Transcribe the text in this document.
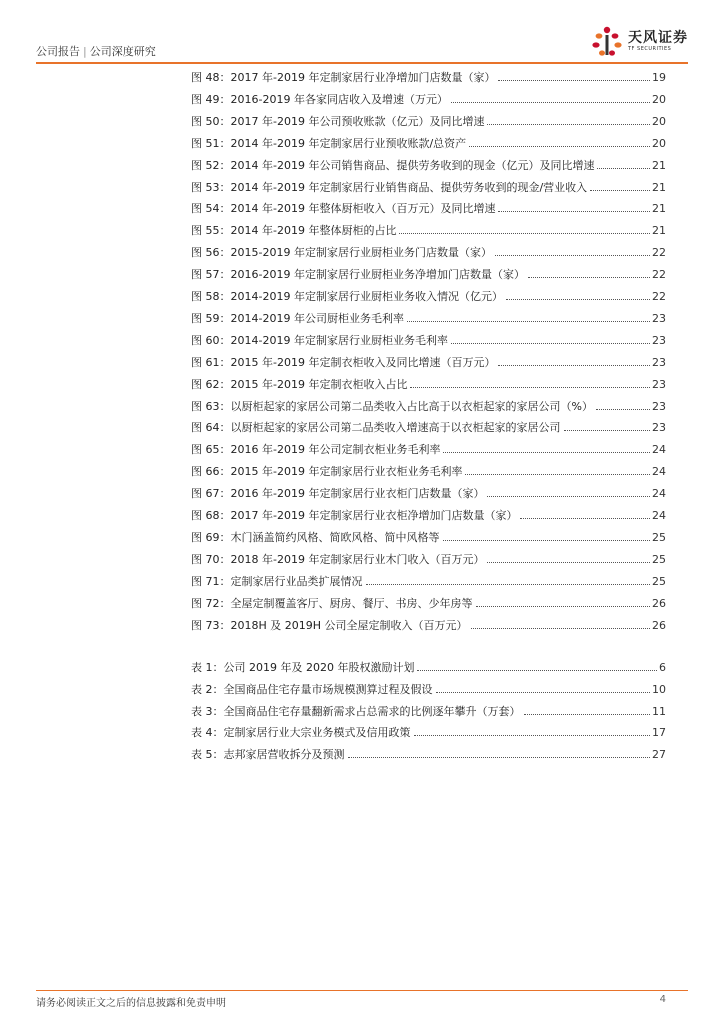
公司报告 | 公司深度研究
天风证券
TF SECURITIES
图 48：2017 年-2019 年定制家居行业净增加门店数量（家）	19
图 49：2016-2019 年各家同店收入及增速（万元）	20
图 50：2017 年-2019 年公司预收账款（亿元）及同比增速	20
图 51：2014 年-2019 年定制家居行业预收账款/总资产	20
图 52：2014 年-2019 年公司销售商品、提供劳务收到的现金（亿元）及同比增速	21
图 53：2014 年-2019 年定制家居行业销售商品、提供劳务收到的现金/营业收入	21
图 54：2014 年-2019 年整体厨柜收入（百万元）及同比增速	21
图 55：2014 年-2019 年整体厨柜的占比	21
图 56：2015-2019 年定制家居行业厨柜业务门店数量（家）	22
图 57：2016-2019 年定制家居行业厨柜业务净增加门店数量（家）	22
图 58：2014-2019 年定制家居行业厨柜业务收入情况（亿元）	22
图 59：2014-2019 年公司厨柜业务毛利率	23
图 60：2014-2019 年定制家居行业厨柜业务毛利率	23
图 61：2015 年-2019 年定制衣柜收入及同比增速（百万元）	23
图 62：2015 年-2019 年定制衣柜收入占比	23
图 63：以厨柜起家的家居公司第二品类收入占比高于以衣柜起家的家居公司（%）	23
图 64：以厨柜起家的家居公司第二品类收入增速高于以衣柜起家的家居公司	23
图 65：2016 年-2019 年公司定制衣柜业务毛利率	24
图 66：2015 年-2019 年定制家居行业衣柜业务毛利率	24
图 67：2016 年-2019 年定制家居行业衣柜门店数量（家）	24
图 68：2017 年-2019 年定制家居行业衣柜净增加门店数量（家）	24
图 69：木门涵盖简约风格、简欧风格、简中风格等	25
图 70：2018 年-2019 年定制家居行业木门收入（百万元）	25
图 71：定制家居行业品类扩展情况	25
图 72：全屋定制覆盖客厅、厨房、餐厅、书房、少年房等	26
图 73：2018H 及 2019H 公司全屋定制收入（百万元）	26
表 1：公司 2019 年及 2020 年股权激励计划	6
表 2：全国商品住宅存量市场规模测算过程及假设	10
表 3：全国商品住宅存量翻新需求占总需求的比例逐年攀升（万套）	11
表 4：定制家居行业大宗业务模式及信用政策	17
表 5：志邦家居营收拆分及预测	27
请务必阅读正文之后的信息披露和免责申明	4
